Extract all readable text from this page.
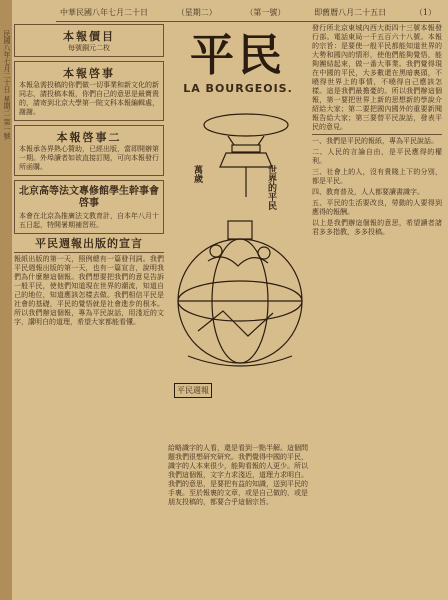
民國八年七月二十日 星期二 第一號
中華民國八年七月二十日	（星期二）	（第一號）	即舊曆八月二十五日	（1）
本報價目
每號銅元二枚
本報啓事
本報急需投稿的你們做一切事業和新文化的新同志，請投稿本報，你們自己的意思是最寶貴的，請寄到北京大學第一院文科本報編輯處，謝謝。
本報啓事二
本報承各界熱心贊助，已經出版，當即開辦第一期。外埠讀者如欲直接訂閱，可向本報發行所函購。
北京高等法文專修館學生幹事會啓事
本會在北京為推廣法文教育計，自本年八月十五日起，特開暑期補習班。
平民週報出版的宣言
報紙出版的第一天，照例總有一篇發刊詞。我們平民週報出版的第一天，也有一篇宣言，說明我們為什麼辦這個報。我們想要把我們的意見告訴一般平民，使他們知道現在世界的潮流，知道自己的地位，知道應該怎樣去做。我們相信平民是社會的基礎，平民的覺悟就是社會進步的根本。所以我們辦這個報，專為平民說話，用淺近的文字，講明白的道理，希望大家都能看懂。
平民
LA BOURGEOIS.
世界的平民
萬歲
平民週報
給略識字的人看，還是看到一點半解。這個問題我們很想研究研究。我們覺得中國的平民，識字的人本來很少，能夠看報的人更少。所以我們這個報，文字力求淺近，道理力求明白。我們的意思，是要把有益的知識，送到平民的手裏。至於報裏的文章，或是自己做的，或是朋友投稿的，都要合乎這個宗旨。
發行所北京東城內西大街四十三號本報發行部。電話東局一千五百六十八號。本報的宗旨：是要使一般平民都能知道世界的大勢和國內的情形，使他們能夠覺悟，能夠團結起來，做一番大事業。我們覺得現在中國的平民，大多數還在黑暗裏頭，不曉得世界上的事情，不曉得自己應該怎樣。這是我們最擔憂的。所以我們辦這個報，第一要把世界上新的思想新的學說介紹給大家；第二要把國內國外的重要新聞報告給大家；第三要替平民說話，發表平民的意見。
一、我們是平民的報紙，專為平民說話。
二、人民的言論自由，是平民應得的權利。
三、社會上的人，沒有貴賤上下的分別，都是平民。
四、教育普及，人人都要讀書識字。
五、平民的生活要改良，勞動的人要得到應得的報酬。
以上是我們辦這個報的意思，希望讀者諸君多多指教，多多投稿。
